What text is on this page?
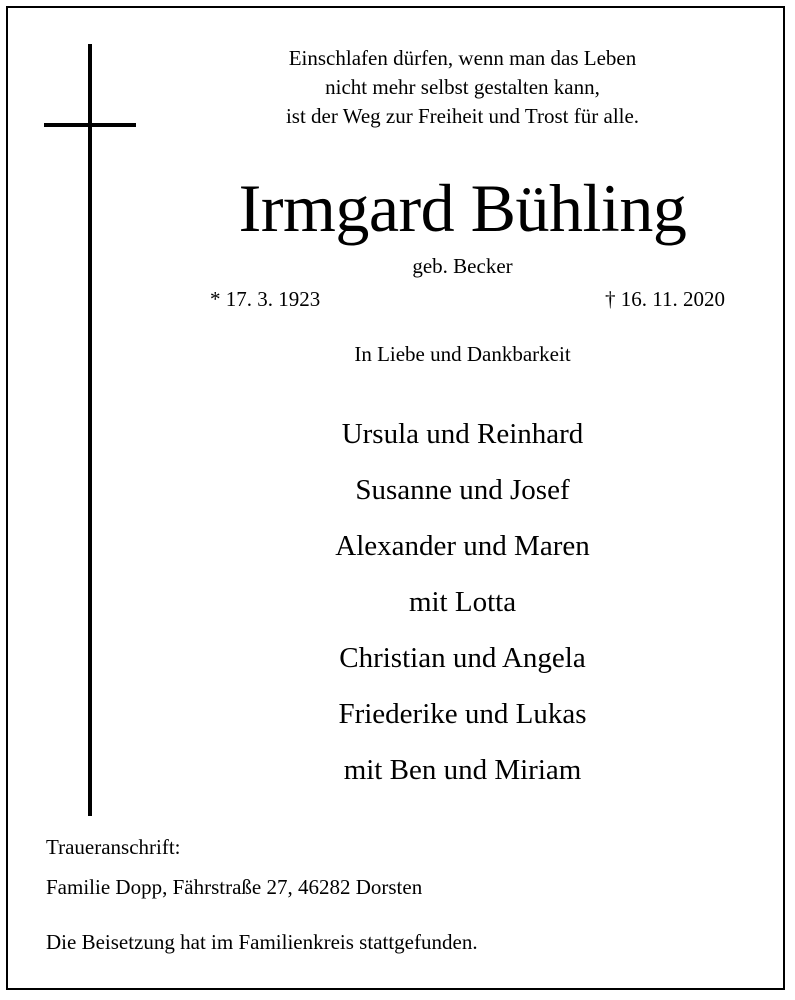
Einschlafen dürfen, wenn man das Leben
nicht mehr selbst gestalten kann,
ist der Weg zur Freiheit und Trost für alle.
Irmgard Bühling
geb. Becker
* 17. 3. 1923	† 16. 11. 2020
In Liebe und Dankbarkeit
Ursula und Reinhard
Susanne und Josef
Alexander und Maren
mit Lotta
Christian und Angela
Friederike und Lukas
mit Ben und Miriam
Traueranschrift:
Familie Dopp, Fährstraße 27, 46282 Dorsten
Die Beisetzung hat im Familienkreis stattgefunden.
